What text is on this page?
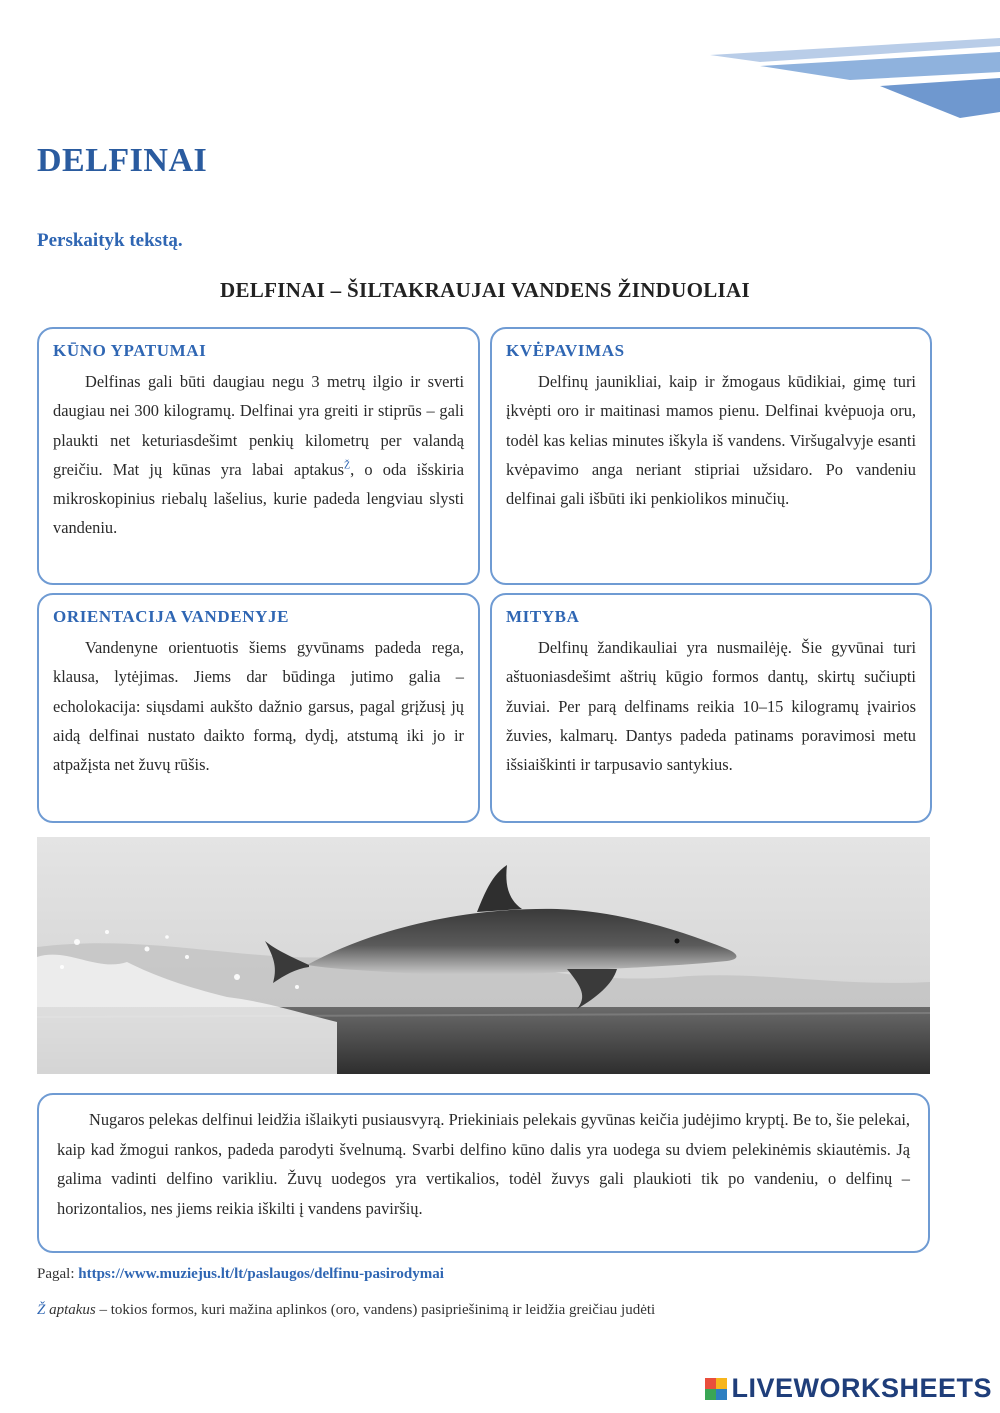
DELFINAI
Perskaityk tekstą.
DELFINAI – ŠILTAKRAUJAI VANDENS ŽINDUOLIAI
KŪNO YPATUMAI

Delfinas gali būti daugiau negu 3 metrų ilgio ir sverti daugiau nei 300 kilogramų. Delfinai yra greiti ir stiprūs – gali plaukti net keturiasdešimt penkių kilometrų per valandą greičiu. Mat jų kūnas yra labai aptakus$^Ž$, o oda išskiria mikroskopinius riebalų lašelius, kurie padeda lengviau slysti vandeniu.

KVĖPAVIMAS

Delfinų jaunikliai, kaip ir žmogaus kūdikiai, gimę turi įkvėpti oro ir maitinasi mamos pienu. Delfinai kvėpuoja oru, todėl kas kelias minutes iškyla iš vandens. Viršugalvyje esanti kvėpavimo anga neriant stipriai užsidaro. Po vandeniu delfinai gali išbūti iki penkiolikos minučių.

ORIENTACIJA VANDENYJE

Vandenyne orientuotis šiems gyvūnams padeda rega, klausa, lytėjimas. Jiems dar būdinga jutimo galia – echolokacija: siųsdami aukšto dažnio garsus, pagal grįžusį jų aidą delfinai nustato daikto formą, dydį, atstumą iki jo ir atpažįsta net žuvų rūšis.

MITYBA

Delfinų žandikauliai yra nusmailėję. Šie gyvūnai turi aštuoniasdešimt aštrių kūgio formos dantų, skirtų sučiupti žuviai. Per parą delfinams reikia 10–15 kilogramų įvairios žuvies, kalmarų. Dantys padeda patinams poravimosi metu išsiaiškinti ir tarpusavio santykius.

Nugaros pelekas delfinui leidžia išlaikyti pusiausvyrą. Priekiniais pelekais gyvūnas keičia judėjimo kryptį. Be to, šie pelekai, kaip kad žmogui rankos, padeda parodyti švelnumą. Svarbi delfino kūno dalis yra uodega su dviem pelekinėmis skiautėmis. Ją galima vadinti delfino varikliu. Žuvų uodegos yra vertikalios, todėl žuvys gali plaukioti tik po vandeniu, o delfinų – horizontalios, nes jiems reikia iškilti į vandens paviršių.

Pagal: https://www.muziejus.lt/lt/paslaugos/delfinu-pasirodymai
Ž aptakus – tokios formos, kuri mažina aplinkos (oro, vandens) pasipriešinimą ir leidžia greičiau judėti
LIVEWORKSHEETS
